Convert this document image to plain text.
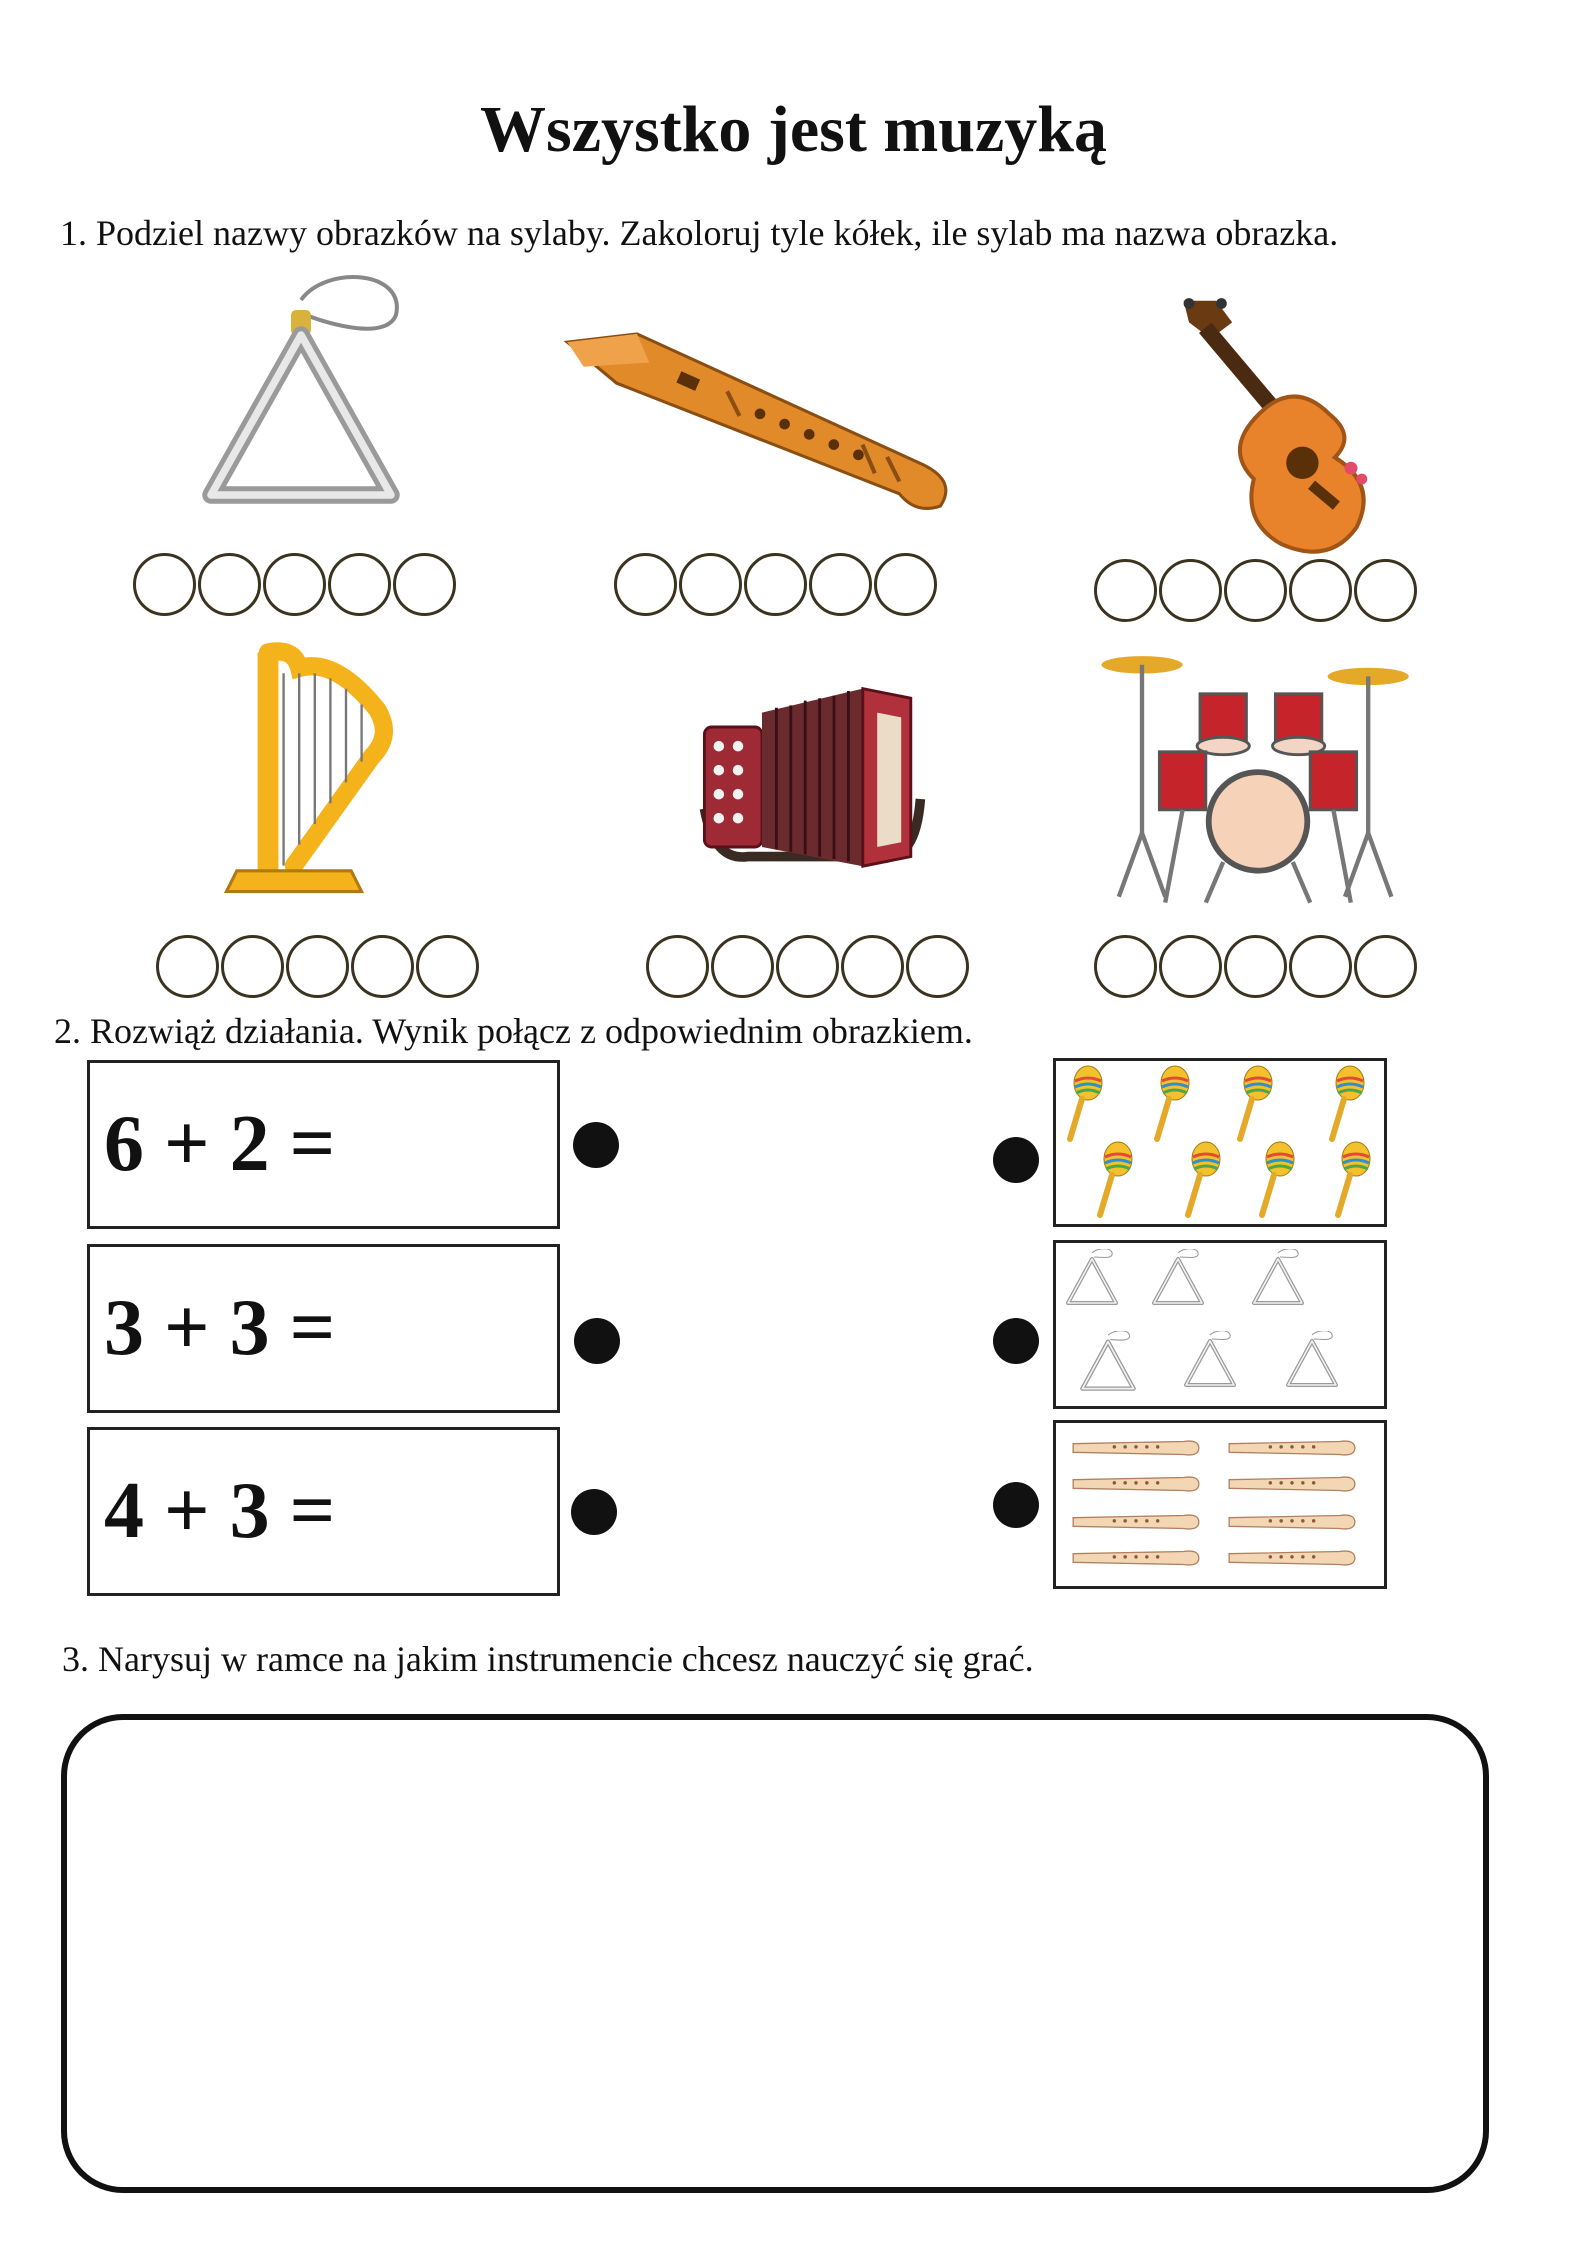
Wszystko jest muzyką
1. Podziel nazwy obrazków na sylaby. Zakoloruj tyle kółek, ile sylab ma nazwa obrazka.
2. Rozwiąż działania. Wynik połącz z odpowiednim obrazkiem.
6 + 2 =
3 + 3 =
4 + 3 =
3. Narysuj w ramce na jakim instrumencie chcesz nauczyć się grać.
